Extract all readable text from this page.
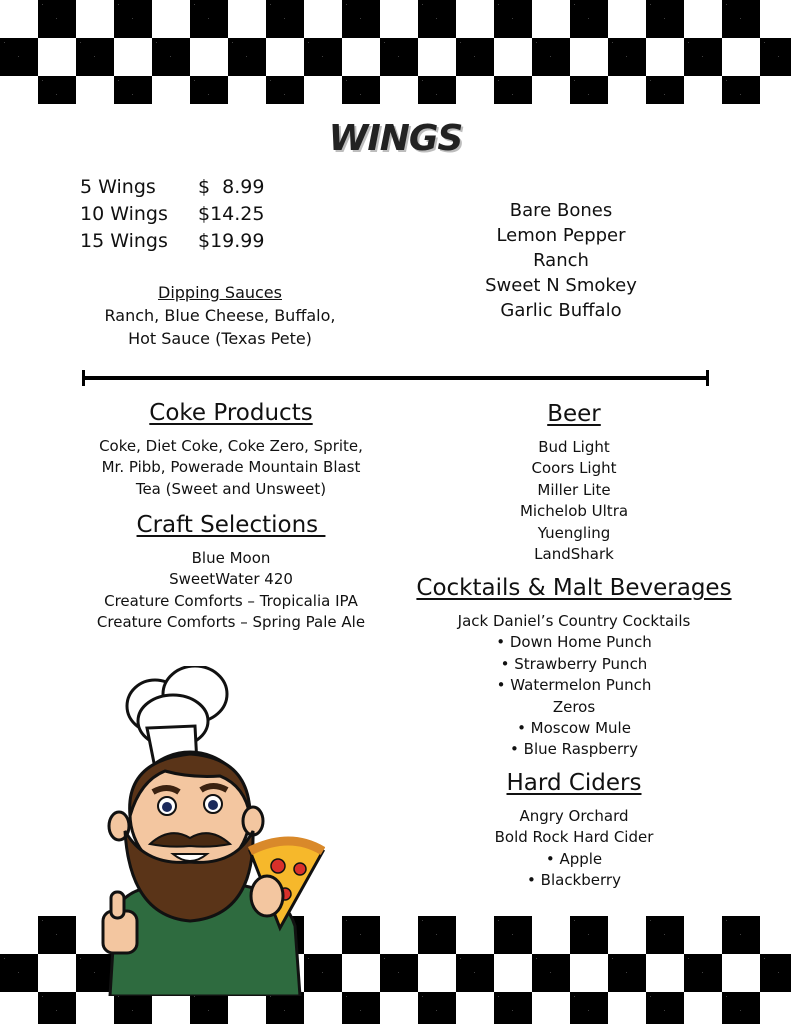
WINGS
5 Wings $  8.99
10 Wings $14.25
15 Wings $19.99
Bare Bones
Lemon Pepper
Ranch
Sweet N Smokey
Garlic Buffalo
Dipping Sauces
Ranch, Blue Cheese, Buffalo,
Hot Sauce (Texas Pete)
Coke Products
Coke, Diet Coke, Coke Zero, Sprite,
Mr. Pibb, Powerade Mountain Blast
Tea (Sweet and Unsweet)
Craft Selections
Blue Moon
SweetWater 420
Creature Comforts – Tropicalia IPA
Creature Comforts – Spring Pale Ale
Beer
Bud Light
Coors Light
Miller Lite
Michelob Ultra
Yuengling
LandShark
Cocktails & Malt Beverages
Jack Daniel’s Country Cocktails
• Down Home Punch
• Strawberry Punch
• Watermelon Punch
Zeros
• Moscow Mule
• Blue Raspberry
Hard Ciders
Angry Orchard
Bold Rock Hard Cider
• Apple
• Blackberry
